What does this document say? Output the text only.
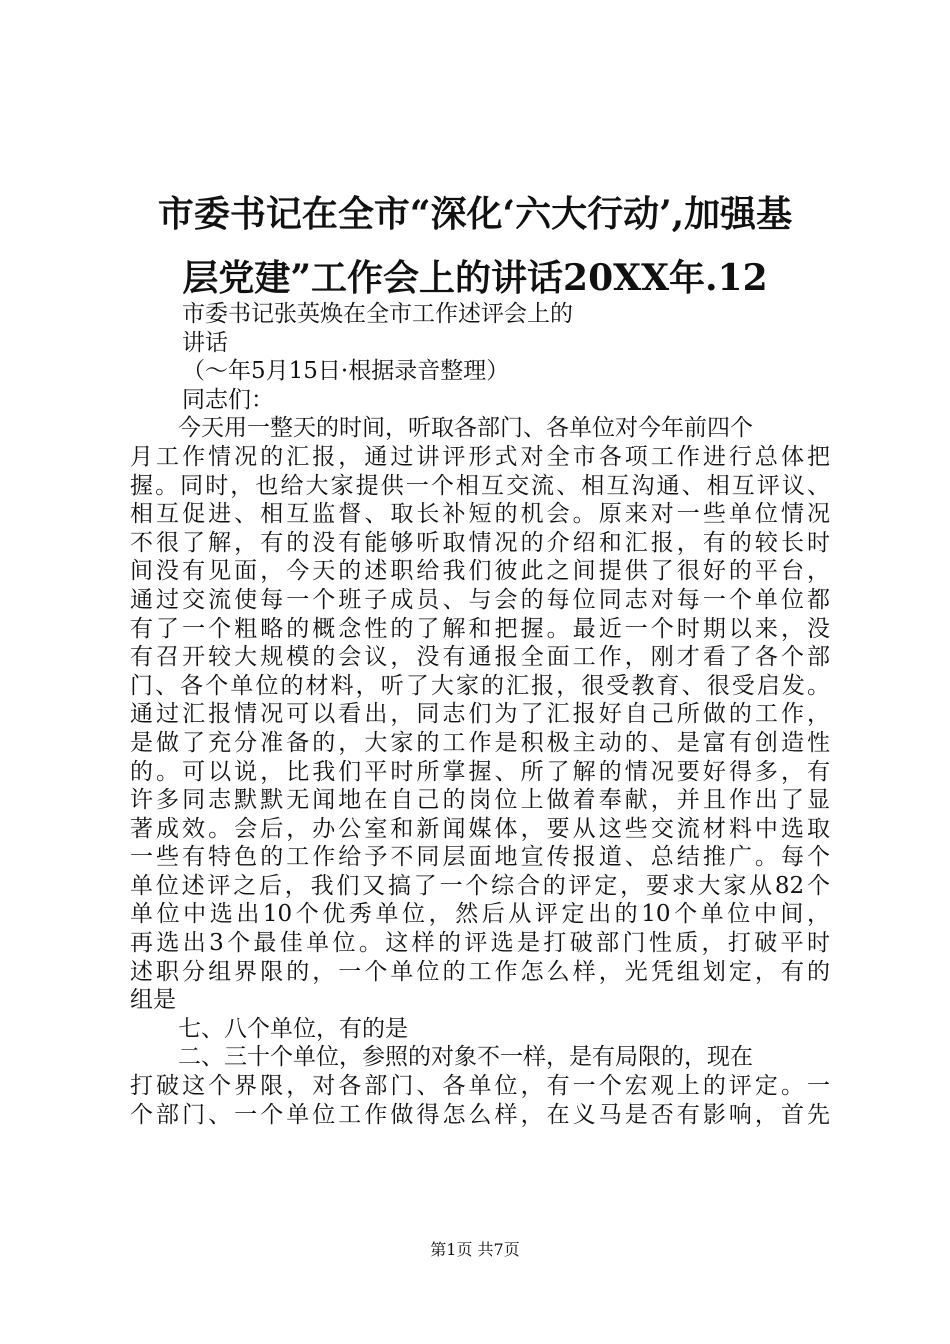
市委书记在全市“深化‘六大行动’,加强基
层党建”工作会上的讲话20XX年.12
市委书记张英焕在全市工作述评会上的
讲话
（～年5月15日·根据录音整理）
同志们：
今天用一整天的时间，听取各部门、各单位对今年前四个
月工作情况的汇报，通过讲评形式对全市各项工作进行总体把
握。同时，也给大家提供一个相互交流、相互沟通、相互评议、
相互促进、相互监督、取长补短的机会。原来对一些单位情况
不很了解，有的没有能够听取情况的介绍和汇报，有的较长时
间没有见面，今天的述职给我们彼此之间提供了很好的平台，
通过交流使每一个班子成员、与会的每位同志对每一个单位都
有了一个粗略的概念性的了解和把握。最近一个时期以来，没
有召开较大规模的会议，没有通报全面工作，刚才看了各个部
门、各个单位的材料，听了大家的汇报，很受教育、很受启发。
通过汇报情况可以看出，同志们为了汇报好自己所做的工作，
是做了充分准备的，大家的工作是积极主动的、是富有创造性
的。可以说，比我们平时所掌握、所了解的情况要好得多，有
许多同志默默无闻地在自己的岗位上做着奉献，并且作出了显
著成效。会后，办公室和新闻媒体，要从这些交流材料中选取
一些有特色的工作给予不同层面地宣传报道、总结推广。每个
单位述评之后，我们又搞了一个综合的评定，要求大家从82个
单位中选出10个优秀单位，然后从评定出的10个单位中间，
再选出3个最佳单位。这样的评选是打破部门性质，打破平时
述职分组界限的，一个单位的工作怎么样，光凭组划定，有的
组是
七、八个单位，有的是
二、三十个单位，参照的对象不一样，是有局限的，现在
打破这个界限，对各部门、各单位，有一个宏观上的评定。一
个部门、一个单位工作做得怎么样，在义马是否有影响，首先
第1页 共7页
